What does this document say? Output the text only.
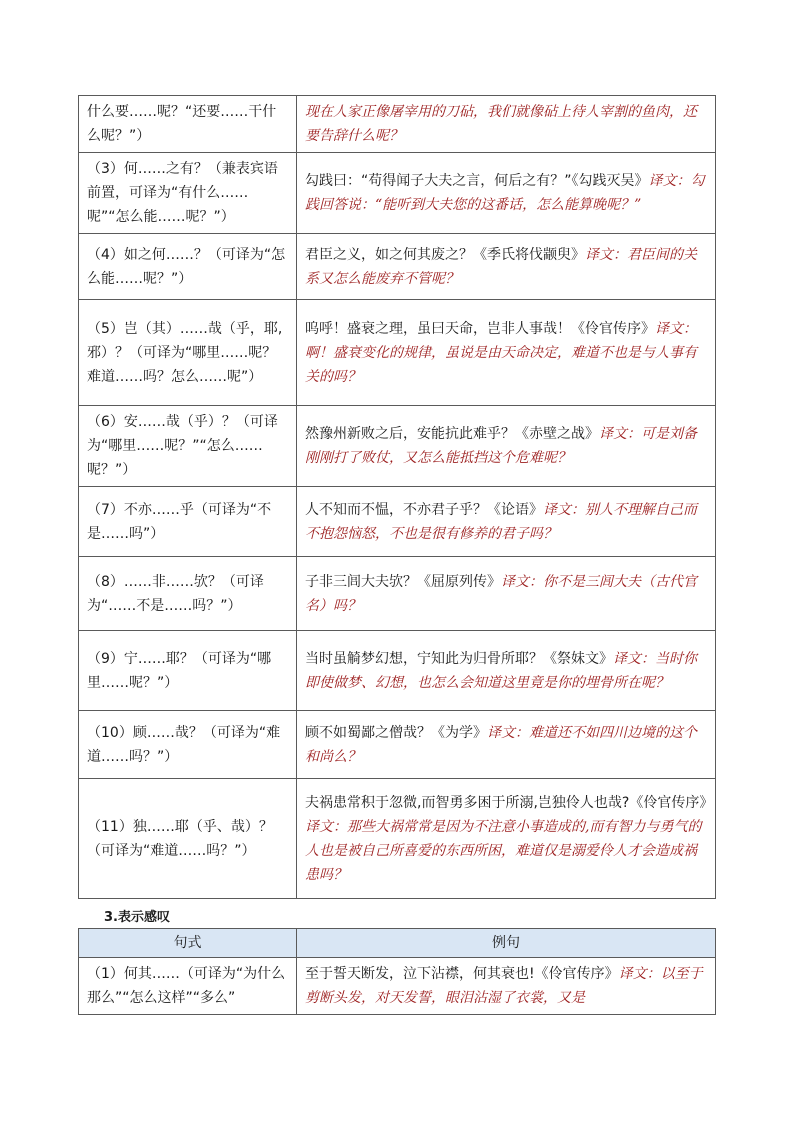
什么要……呢？“还要……干什么呢？”）	现在人家正像屠宰用的刀砧，我们就像砧上待人宰割的鱼肉，还要告辞什么呢？
（3）何……之有？（兼表宾语前置，可译为“有什么……呢”“怎么能……呢？”）	勾践曰：“苟得闻子大夫之言，何后之有？”《勾践灭吴》译文：勾践回答说：“能听到大夫您的这番话，怎么能算晚呢？”
（4）如之何……？（可译为“怎么能……呢？”）	君臣之义，如之何其废之？《季氏将伐颛臾》译文：君臣间的关系又怎么能废弃不管呢？
（5）岂（其）……哉（乎，耶,邪）？（可译为“哪里……呢？难道……吗？怎么……呢”）	呜呼！盛衰之理，虽曰天命，岂非人事哉！《伶官传序》译文：啊！盛衰变化的规律，虽说是由天命决定，难道不也是与人事有关的吗？
（6）安……哉（乎）？（可译为“哪里……呢？”“怎么……呢？”）	然豫州新败之后，安能抗此难乎？《赤壁之战》译文：可是刘备刚刚打了败仗，又怎么能抵挡这个危难呢？
（7）不亦……乎（可译为“不是……吗”）	人不知而不愠，不亦君子乎？《论语》译文：别人不理解自己而不抱怨恼怒，不也是很有修养的君子吗？
（8）……非……欤？（可译为“……不是……吗？”）	子非三闾大夫欤？《屈原列传》译文：你不是三闾大夫（古代官名）吗？
（9）宁……耶？（可译为“哪里……呢？”）	当时虽觭梦幻想，宁知此为归骨所耶？《祭妹文》译文：当时你即使做梦、幻想，也怎么会知道这里竟是你的埋骨所在呢？
（10）顾……哉？（可译为“难道……吗？”）	顾不如蜀鄙之僧哉？《为学》译文：难道还不如四川边境的这个和尚么？
（11）独……耶（乎、哉）？（可译为“难道……吗？”）	夫祸患常积于忽微,而智勇多困于所溺,岂独伶人也哉?《伶官传序》译文：那些大祸常常是因为不注意小事造成的,而有智力与勇气的人也是被自己所喜爱的东西所困，难道仅是溺爱伶人才会造成祸患吗？
3.表示感叹
句式	例句
（1）何其……（可译为“为什么那么”“怎么这样”“多么”	至于誓天断发，泣下沾襟，何其衰也!《伶官传序》译文：以至于剪断头发，对天发誓，眼泪沾湿了衣裳，又是
